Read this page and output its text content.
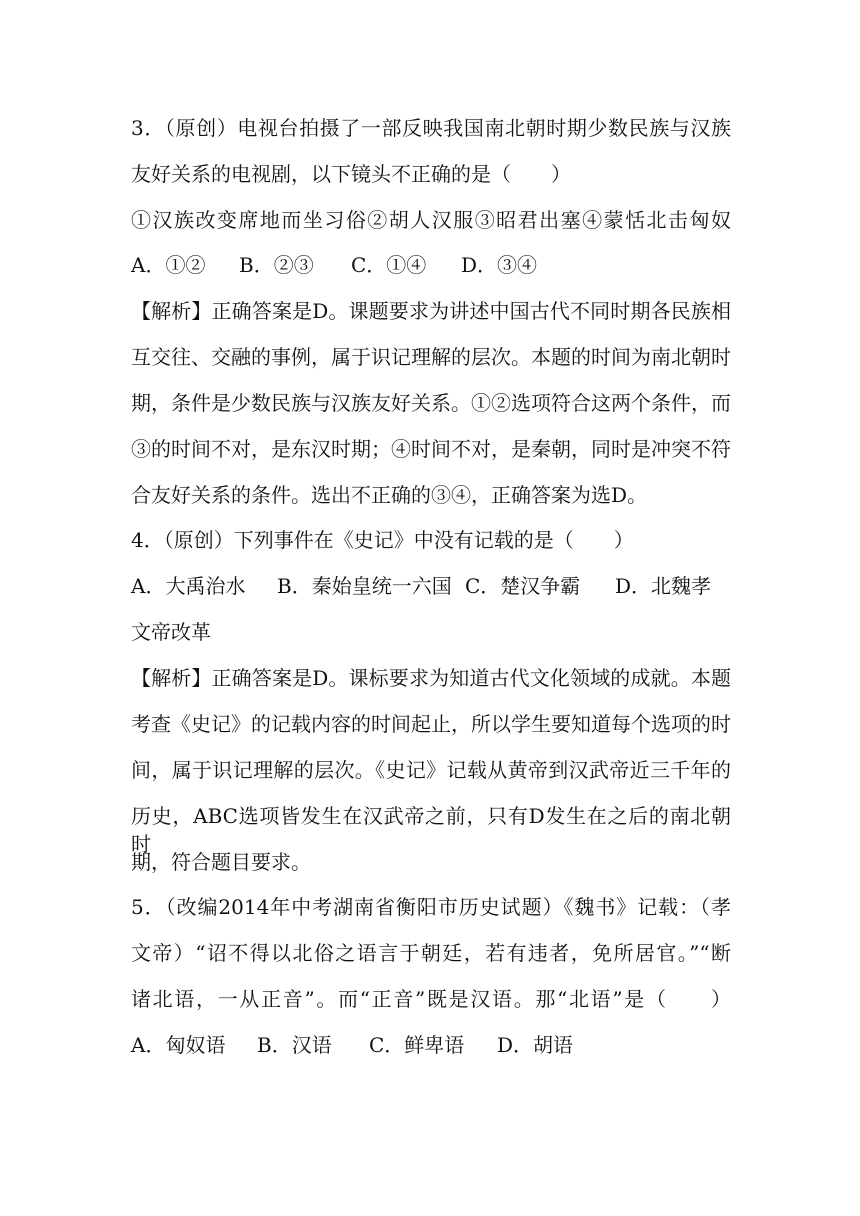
3．（原创）电视台拍摄了一部反映我国南北朝时期少数民族与汉族
友好关系的电视剧，以下镜头不正确的是（　　）
①汉族改变席地而坐习俗②胡人汉服③昭君出塞④蒙恬北击匈奴
A．①② B．②③ C．①④ D．③④
【解析】正确答案是D。课题要求为讲述中国古代不同时期各民族相
互交往、交融的事例，属于识记理解的层次。本题的时间为南北朝时
期，条件是少数民族与汉族友好关系。①②选项符合这两个条件，而
③的时间不对，是东汉时期；④时间不对，是秦朝，同时是冲突不符
合友好关系的条件。选出不正确的③④，正确答案为选D。
4．（原创）下列事件在《史记》中没有记载的是（　　）
A．大禹治水 B．秦始皇统一六国 C．楚汉争霸 D．北魏孝
文帝改革
【解析】正确答案是D。课标要求为知道古代文化领域的成就。本题
考查《史记》的记载内容的时间起止，所以学生要知道每个选项的时
间，属于识记理解的层次。《史记》记载从黄帝到汉武帝近三千年的
历史，ABC选项皆发生在汉武帝之前，只有D发生在之后的南北朝时
期，符合题目要求。
5．（改编2014年中考湖南省衡阳市历史试题）《魏书》记载：（孝
文帝）“诏不得以北俗之语言于朝廷，若有违者，免所居官。”“断
诸北语，一从正音”。而“正音”既是汉语。那“北语”是（　　）
A．匈奴语 B．汉语 C．鲜卑语 D．胡语
